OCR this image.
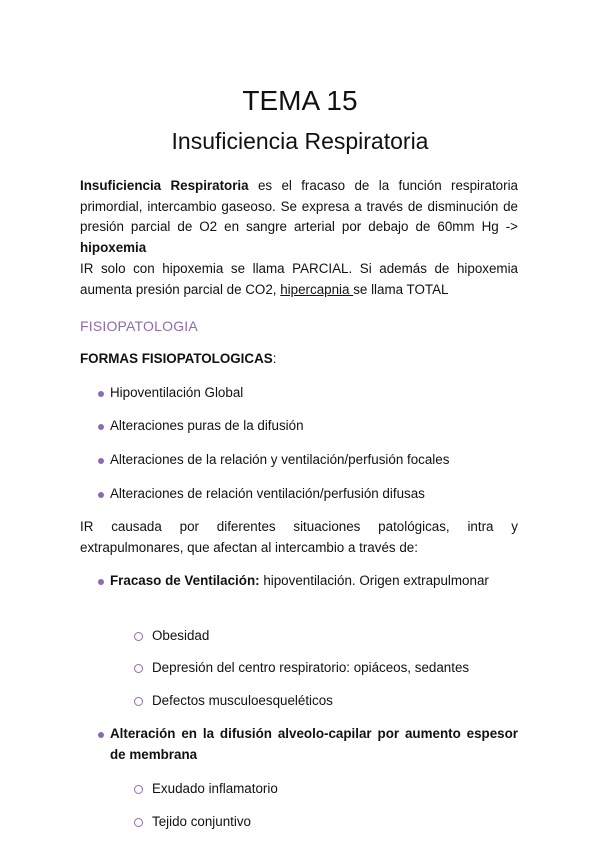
TEMA 15
Insuficiencia Respiratoria

Insuficiencia Respiratoria es el fracaso de la función respiratoria primordial, intercambio gaseoso. Se expresa a través de disminución de presión parcial de O2 en sangre arterial por debajo de 60mm Hg -> hipoxemia

IR solo con hipoxemia se llama PARCIAL. Si además de hipoxemia aumenta presión parcial de CO2, hipercapnia se llama TOTAL

FISIOPATOLOGIA

FORMAS FISIOPATOLOGICAS:

Hipoventilación Global
Alteraciones puras de la difusión
Alteraciones de la relación y ventilación/perfusión focales
Alteraciones de relación ventilación/perfusión difusas

IR causada por diferentes situaciones patológicas, intra y extrapulmonares, que afectan al intercambio a través de:

Fracaso de Ventilación: hipoventilación. Origen extrapulmonar
Obesidad
Depresión del centro respiratorio: opiáceos, sedantes
Defectos musculoesqueléticos
Alteración en la difusión alveolo-capilar por aumento espesor de membrana
Exudado inflamatorio
Tejido conjuntivo
